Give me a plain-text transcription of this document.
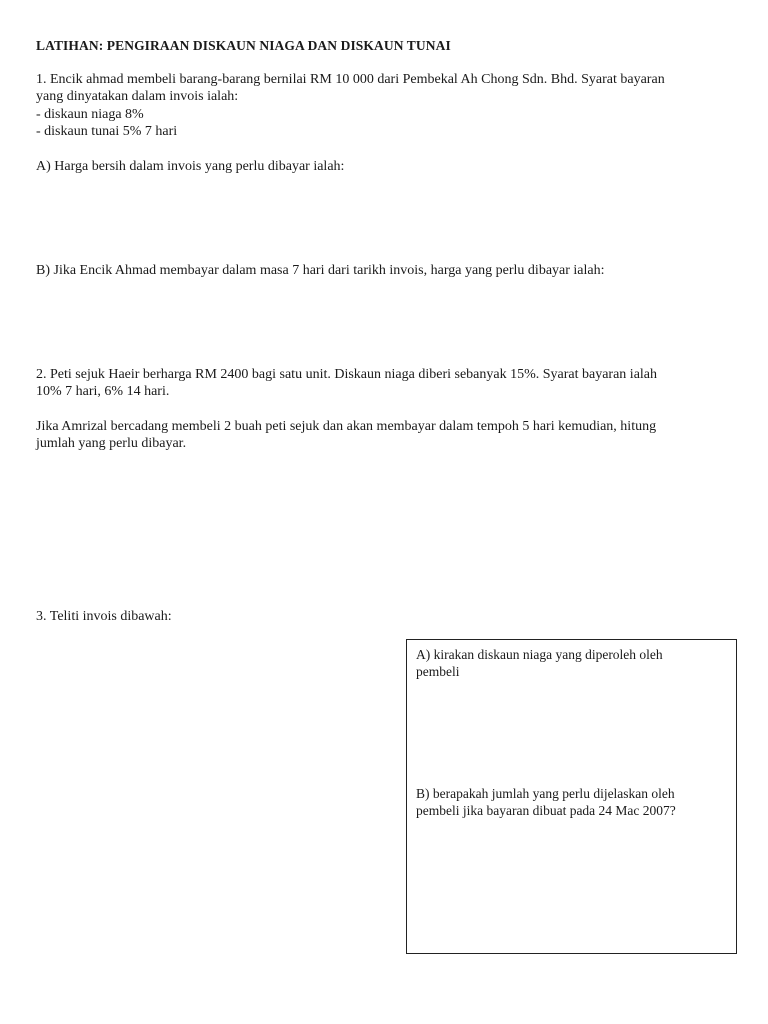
LATIHAN: PENGIRAAN DISKAUN NIAGA DAN DISKAUN TUNAI
1. Encik ahmad membeli barang-barang bernilai RM 10 000 dari Pembekal Ah Chong Sdn. Bhd. Syarat bayaran
yang dinyatakan dalam invois ialah:
- diskaun niaga 8%
- diskaun tunai 5% 7 hari
A) Harga bersih dalam invois yang perlu dibayar ialah:
B) Jika Encik Ahmad membayar dalam masa 7 hari dari tarikh invois, harga yang perlu dibayar ialah:
2. Peti sejuk Haeir berharga RM 2400 bagi satu unit. Diskaun niaga diberi sebanyak 15%. Syarat bayaran ialah
10% 7 hari, 6% 14 hari.
Jika Amrizal bercadang membeli 2 buah peti sejuk dan akan membayar dalam tempoh 5 hari kemudian, hitung
jumlah yang perlu dibayar.
3. Teliti invois dibawah:
A) kirakan diskaun niaga yang diperoleh oleh
pembeli
B) berapakah jumlah yang perlu dijelaskan oleh
pembeli jika bayaran dibuat pada 24 Mac 2007?
